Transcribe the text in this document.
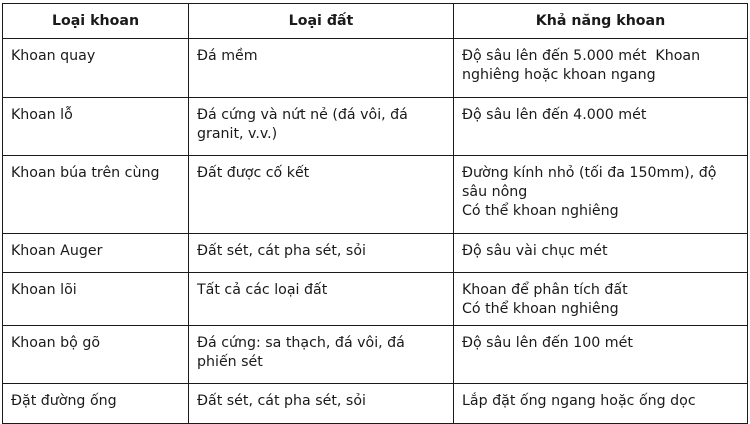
Loại khoan	Loại đất	Khả năng khoan
Khoan quay	Đá mềm	Độ sâu lên đến 5.000 mét  Khoan nghiêng hoặc khoan ngang

Khoan lỗ	Đá cứng và nứt nẻ (đá vôi, đá granit, v.v.)	Độ sâu lên đến 4.000 mét

Khoan búa trên cùng	Đất được cố kết	Đường kính nhỏ (tối đa 150mm), độ sâu nông
Có thể khoan nghiêng

Khoan Auger	Đất sét, cát pha sét, sỏi	Độ sâu vài chục mét

Khoan lõi	Tất cả các loại đất	Khoan để phân tích đất
Có thể khoan nghiêng

Khoan bộ gõ	Đá cứng: sa thạch, đá vôi, đá phiến sét	Độ sâu lên đến 100 mét

Đặt đường ống	Đất sét, cát pha sét, sỏi	Lắp đặt ống ngang hoặc ống dọc
